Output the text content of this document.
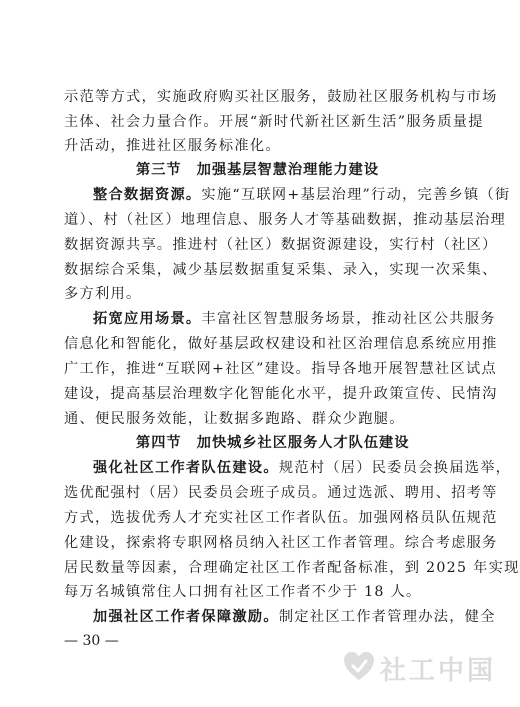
示范等方式，实施政府购买社区服务，鼓励社区服务机构与市场
主体、社会力量合作。开展“新时代新社区新生活”服务质量提
升活动，推进社区服务标准化。
第三节　加强基层智慧治理能力建设
整合数据资源。实施“互联网+基层治理”行动，完善乡镇（街
道）、村（社区）地理信息、服务人才等基础数据，推动基层治理
数据资源共享。推进村（社区）数据资源建设，实行村（社区）
数据综合采集，减少基层数据重复采集、录入，实现一次采集、
多方利用。
拓宽应用场景。丰富社区智慧服务场景，推动社区公共服务
信息化和智能化，做好基层政权建设和社区治理信息系统应用推
广工作，推进“互联网+社区”建设。指导各地开展智慧社区试点
建设，提高基层治理数字化智能化水平，提升政策宣传、民情沟
通、便民服务效能，让数据多跑路、群众少跑腿。
第四节　加快城乡社区服务人才队伍建设
强化社区工作者队伍建设。规范村（居）民委员会换届选举，
选优配强村（居）民委员会班子成员。通过选派、聘用、招考等
方式，选拔优秀人才充实社区工作者队伍。加强网格员队伍规范
化建设，探索将专职网格员纳入社区工作者管理。综合考虑服务
居民数量等因素，合理确定社区工作者配备标准，到 2025 年实现
每万名城镇常住人口拥有社区工作者不少于 18 人。
加强社区工作者保障激励。制定社区工作者管理办法，健全
— 30 —
社工中国
